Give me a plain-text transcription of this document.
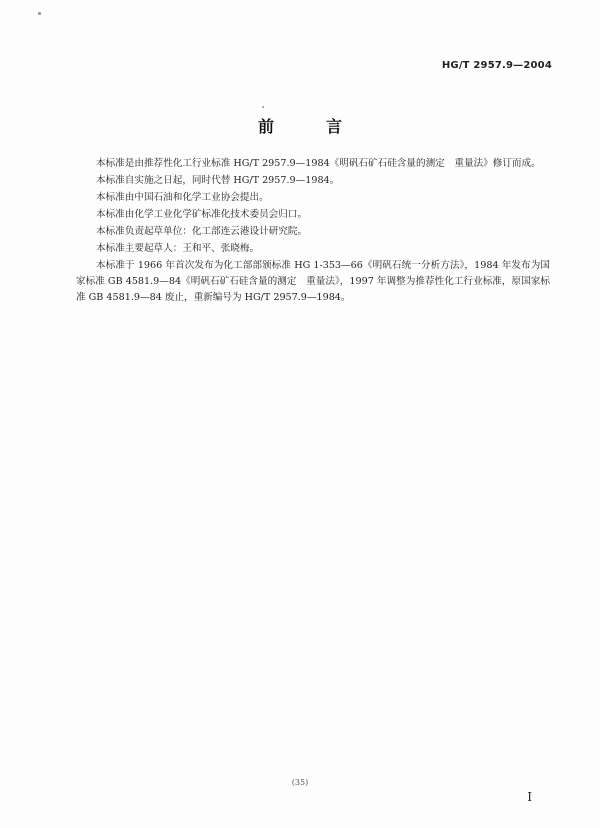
HG/T 2957.9—2004
前　言

本标准是由推荐性化工行业标准 HG/T 2957.9—1984《明矾石矿石硅含量的测定　重量法》修订而成。

本标准自实施之日起，同时代替 HG/T 2957.9—1984。

本标准由中国石油和化学工业协会提出。

本标准由化学工业化学矿标准化技术委员会归口。

本标准负责起草单位：化工部连云港设计研究院。

本标准主要起草人：王和平、张晓梅。

本标准于 1966 年首次发布为化工部部颁标准 HG 1-353—66《明矾石统一分析方法》，1984 年发布为国家标准 GB 4581.9—84《明矾石矿石硅含量的测定　重量法》，1997 年调整为推荐性化工行业标准，原国家标准 GB 4581.9—84 废止，重新编号为 HG/T 2957.9—1984。

(35)
I
